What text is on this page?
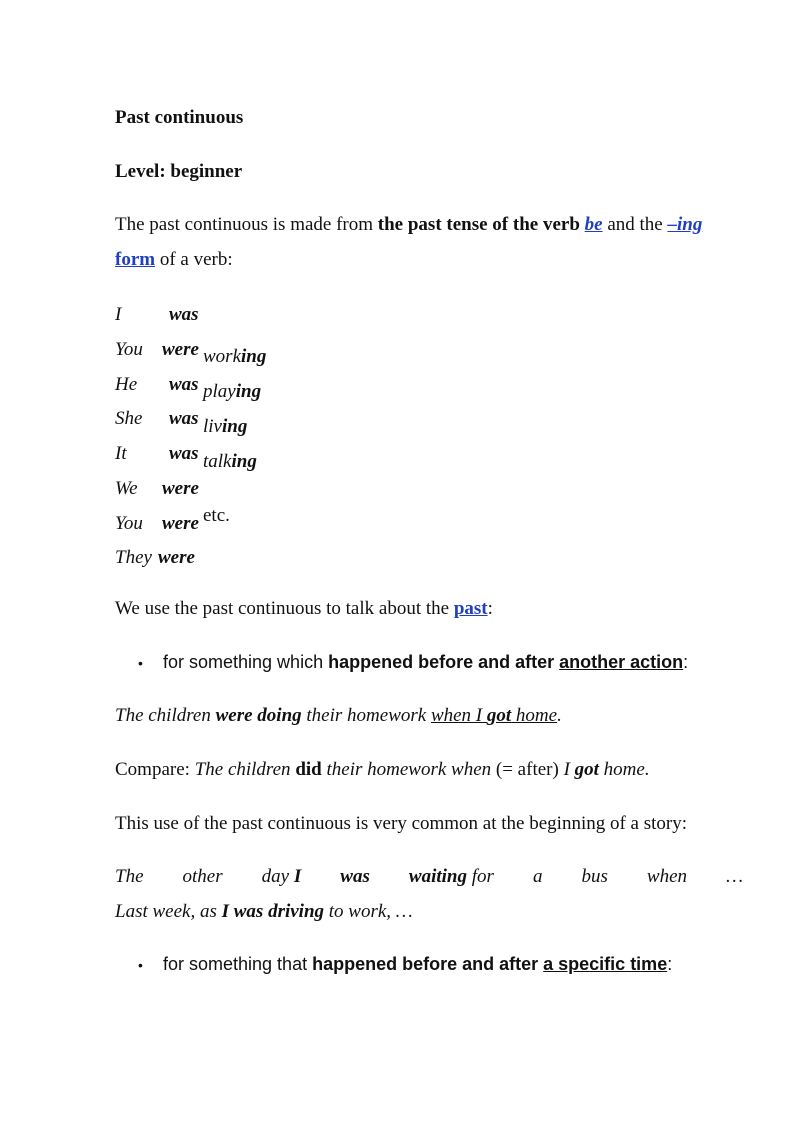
Past continuous
Level: beginner
The past continuous is made from the past tense of the verb be and the –ing
form of a verb:
I	was
You were
He was
She was
It was
We were
You were
They were
working
playing
living
talking
etc.
We use the past continuous to talk about the past:
• for something which happened before and after another action:
The children were doing their homework when I got home.
Compare: The children did their homework when (= after) I got home.
This use of the past continuous is very common at the beginning of a story:
The other day I was waiting for a bus when …
Last week, as I was driving to work, …
• for something that happened before and after a specific time:
